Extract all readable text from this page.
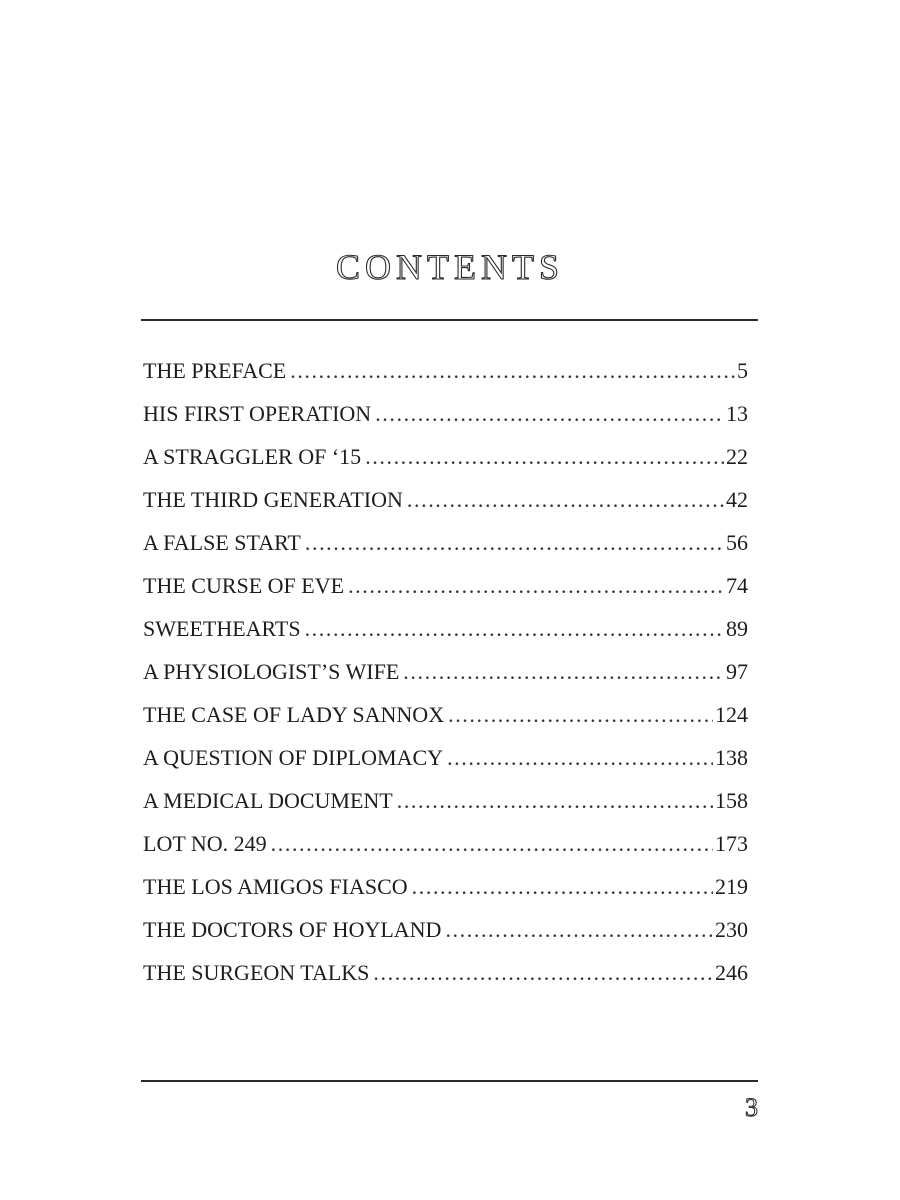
CONTENTS
THE PREFACE .....	5
HIS FIRST OPERATION .....	13
A STRAGGLER OF ‘15 .....	22
THE THIRD GENERATION .....	42
A FALSE START .....	56
THE CURSE OF EVE .....	74
SWEETHEARTS .....	89
A PHYSIOLOGIST’S WIFE .....	97
THE CASE OF LADY SANNOX .....	124
A QUESTION OF DIPLOMACY .....	138
A MEDICAL DOCUMENT .....	158
LOT NO. 249 .....	173
THE LOS AMIGOS FIASCO .....	219
THE DOCTORS OF HOYLAND .....	230
THE SURGEON TALKS .....	246
3
